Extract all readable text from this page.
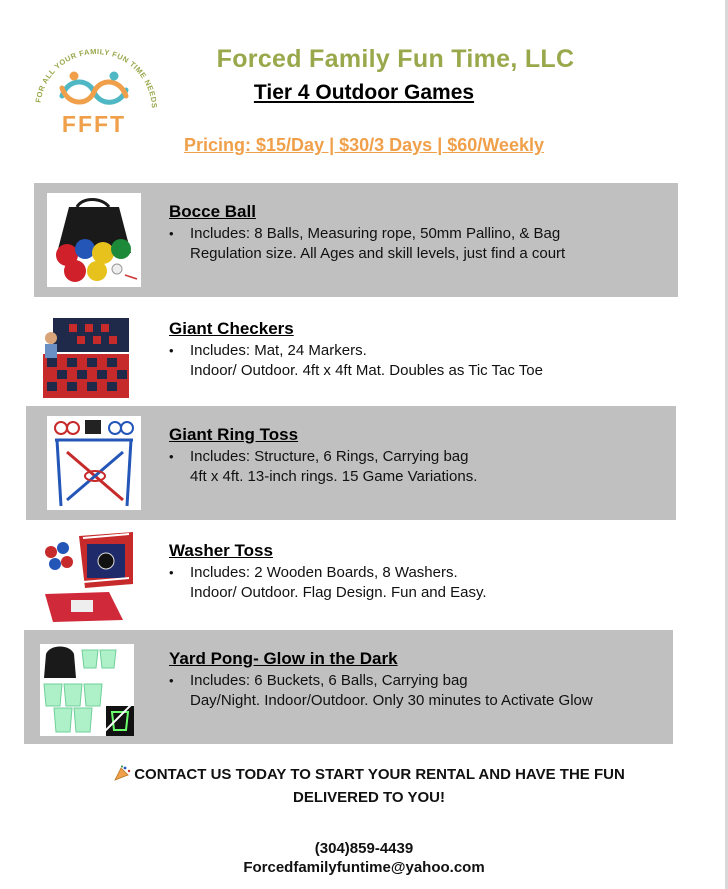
FOR ALL YOUR FAMILY FUN TIME NEEDS
FFFT
Forced Family Fun Time, LLC
Tier 4 Outdoor Games
Pricing: $15/Day | $30/3 Days | $60/Weekly
Bocce Ball
• Includes: 8 Balls, Measuring rope, 50mm Pallino, & Bag
Regulation size. All Ages and skill levels, just find a court
Giant Checkers
• Includes: Mat, 24 Markers.
Indoor/ Outdoor. 4ft x 4ft Mat. Doubles as Tic Tac Toe
Giant Ring Toss
• Includes: Structure, 6 Rings, Carrying bag
4ft x 4ft. 13-inch rings. 15 Game Variations.
Washer Toss
• Includes: 2 Wooden Boards, 8 Washers.
Indoor/ Outdoor. Flag Design. Fun and Easy.
Yard Pong- Glow in the Dark
• Includes: 6 Buckets, 6 Balls, Carrying bag
Day/Night. Indoor/Outdoor. Only 30 minutes to Activate Glow
CONTACT US TODAY TO START YOUR RENTAL AND HAVE THE FUN
DELIVERED TO YOU!
(304)859-4439
Forcedfamilyfuntime@yahoo.com
